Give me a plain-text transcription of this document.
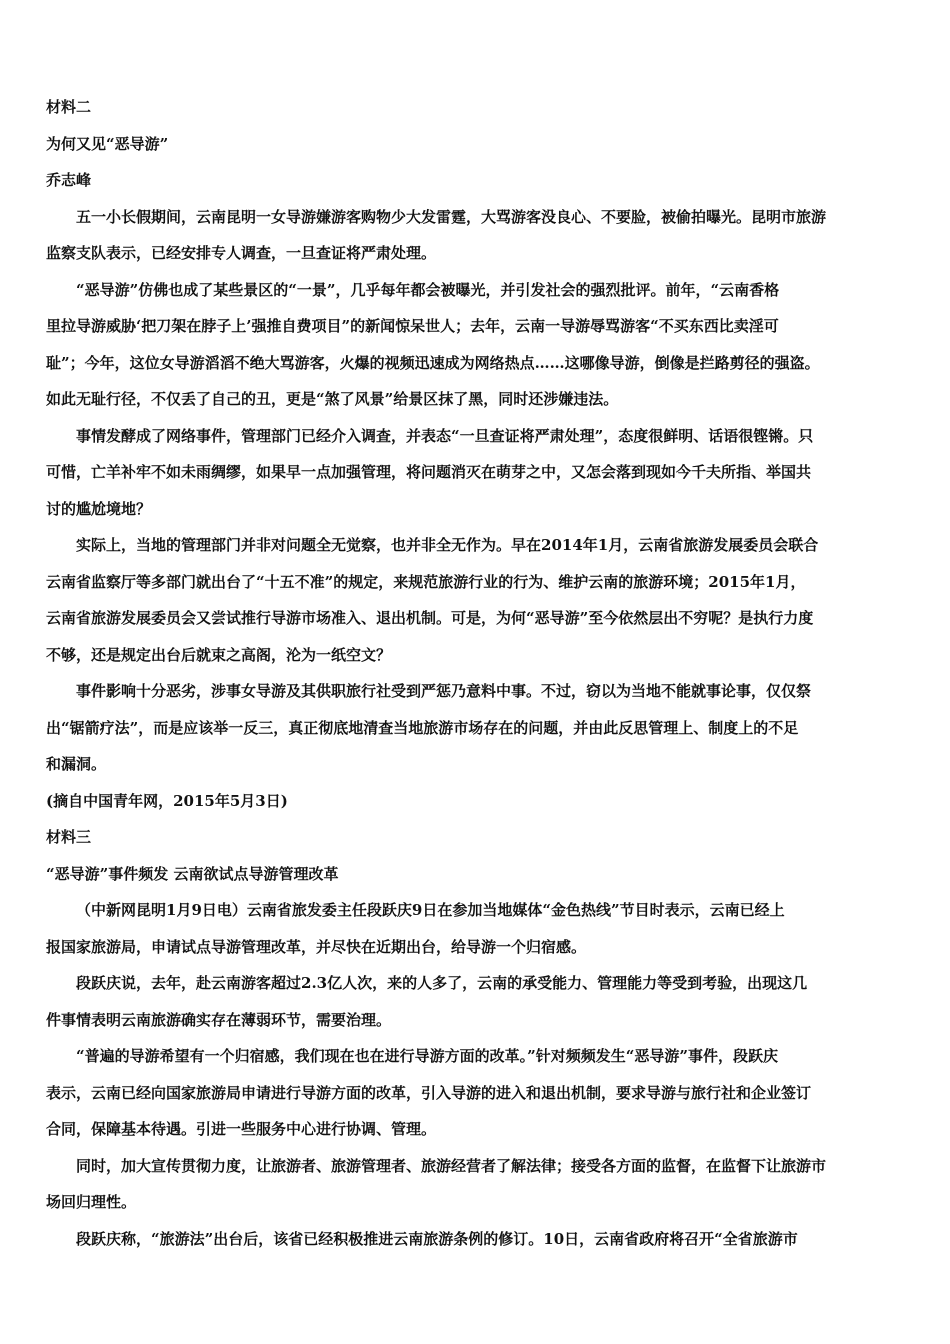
材料二
为何又见“恶导游”
乔志峰
五一小长假期间，云南昆明一女导游嫌游客购物少大发雷霆，大骂游客没良心、不要脸，被偷拍曝光。昆明市旅游
监察支队表示，已经安排专人调查，一旦查证将严肃处理。
“恶导游”仿佛也成了某些景区的“一景”，几乎每年都会被曝光，并引发社会的强烈批评。前年，“云南香格
里拉导游威胁‘把刀架在脖子上’强推自费项目”的新闻惊呆世人；去年，云南一导游辱骂游客“不买东西比卖淫可
耻”；今年，这位女导游滔滔不绝大骂游客，火爆的视频迅速成为网络热点……这哪像导游，倒像是拦路剪径的强盗。
如此无耻行径，不仅丢了自己的丑，更是“煞了风景”给景区抹了黑，同时还涉嫌违法。
事情发酵成了网络事件，管理部门已经介入调查，并表态“一旦查证将严肃处理”，态度很鲜明、话语很铿锵。只
可惜，亡羊补牢不如未雨绸缪，如果早一点加强管理，将问题消灭在萌芽之中，又怎会落到现如今千夫所指、举国共
讨的尴尬境地？
实际上，当地的管理部门并非对问题全无觉察，也并非全无作为。早在2014年1月，云南省旅游发展委员会联合
云南省监察厅等多部门就出台了“十五不准”的规定，来规范旅游行业的行为、维护云南的旅游环境；2015年1月，
云南省旅游发展委员会又尝试推行导游市场准入、退出机制。可是，为何“恶导游”至今依然层出不穷呢？是执行力度
不够，还是规定出台后就束之高阁，沦为一纸空文？
事件影响十分恶劣，涉事女导游及其供职旅行社受到严惩乃意料中事。不过，窃以为当地不能就事论事，仅仅祭
出“锯箭疗法”，而是应该举一反三，真正彻底地清查当地旅游市场存在的问题，并由此反思管理上、制度上的不足
和漏洞。
(摘自中国青年网，2015年5月3日)
材料三
“恶导游”事件频发 云南欲试点导游管理改革
（中新网昆明1月9日电）云南省旅发委主任段跃庆9日在参加当地媒体“金色热线”节目时表示，云南已经上
报国家旅游局，申请试点导游管理改革，并尽快在近期出台，给导游一个归宿感。
段跃庆说，去年，赴云南游客超过2.3亿人次，来的人多了，云南的承受能力、管理能力等受到考验，出现这几
件事情表明云南旅游确实存在薄弱环节，需要治理。
“普遍的导游希望有一个归宿感，我们现在也在进行导游方面的改革。”针对频频发生“恶导游”事件，段跃庆
表示，云南已经向国家旅游局申请进行导游方面的改革，引入导游的进入和退出机制，要求导游与旅行社和企业签订
合同，保障基本待遇。引进一些服务中心进行协调、管理。
同时，加大宣传贯彻力度，让旅游者、旅游管理者、旅游经营者了解法律；接受各方面的监督，在监督下让旅游市
场回归理性。
段跃庆称，“旅游法”出台后，该省已经积极推进云南旅游条例的修订。10日，云南省政府将召开“全省旅游市
